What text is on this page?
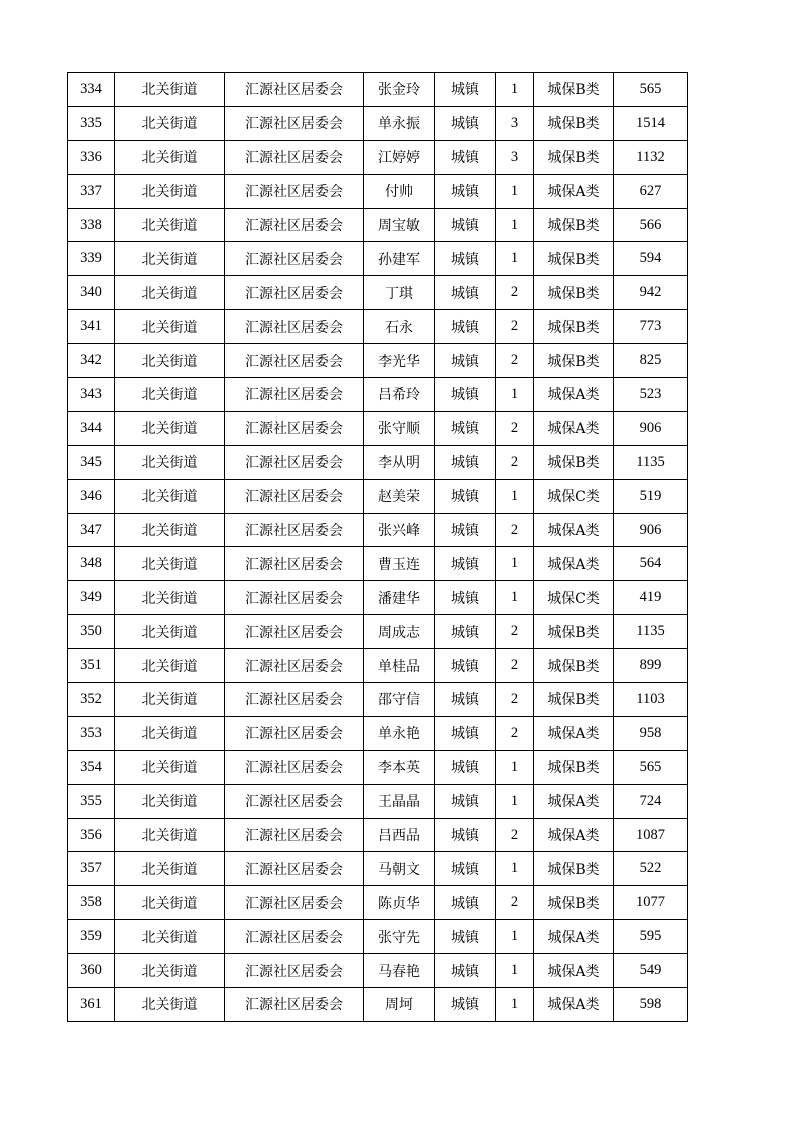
334	北关街道	汇源社区居委会	张金玲	城镇	1	城保B类	565
335	北关街道	汇源社区居委会	单永振	城镇	3	城保B类	1514
336	北关街道	汇源社区居委会	江婷婷	城镇	3	城保B类	1132
337	北关街道	汇源社区居委会	付帅	城镇	1	城保A类	627
338	北关街道	汇源社区居委会	周宝敏	城镇	1	城保B类	566
339	北关街道	汇源社区居委会	孙建军	城镇	1	城保B类	594
340	北关街道	汇源社区居委会	丁琪	城镇	2	城保B类	942
341	北关街道	汇源社区居委会	石永	城镇	2	城保B类	773
342	北关街道	汇源社区居委会	李光华	城镇	2	城保B类	825
343	北关街道	汇源社区居委会	吕希玲	城镇	1	城保A类	523
344	北关街道	汇源社区居委会	张守顺	城镇	2	城保A类	906
345	北关街道	汇源社区居委会	李从明	城镇	2	城保B类	1135
346	北关街道	汇源社区居委会	赵美荣	城镇	1	城保C类	519
347	北关街道	汇源社区居委会	张兴峰	城镇	2	城保A类	906
348	北关街道	汇源社区居委会	曹玉连	城镇	1	城保A类	564
349	北关街道	汇源社区居委会	潘建华	城镇	1	城保C类	419
350	北关街道	汇源社区居委会	周成志	城镇	2	城保B类	1135
351	北关街道	汇源社区居委会	单桂品	城镇	2	城保B类	899
352	北关街道	汇源社区居委会	邵守信	城镇	2	城保B类	1103
353	北关街道	汇源社区居委会	单永艳	城镇	2	城保A类	958
354	北关街道	汇源社区居委会	李本英	城镇	1	城保B类	565
355	北关街道	汇源社区居委会	王晶晶	城镇	1	城保A类	724
356	北关街道	汇源社区居委会	吕西品	城镇	2	城保A类	1087
357	北关街道	汇源社区居委会	马朝文	城镇	1	城保B类	522
358	北关街道	汇源社区居委会	陈贞华	城镇	2	城保B类	1077
359	北关街道	汇源社区居委会	张守先	城镇	1	城保A类	595
360	北关街道	汇源社区居委会	马春艳	城镇	1	城保A类	549
361	北关街道	汇源社区居委会	周坷	城镇	1	城保A类	598
